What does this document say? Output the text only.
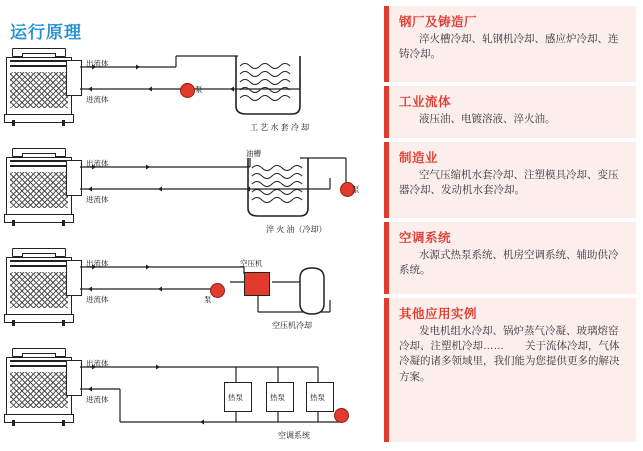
运行原理
出流体
进流体
泵
工 艺 水 套 冷 却
出流体
进流体
油槽
泵
淬 火 油（冷却）
出流体
进流体
空压机
泵
空压机冷却
出流体
进流体	热泵	热泵	热泵
空调系统
钢厂及铸造厂

淬火槽冷却、轧钢机冷却、感应炉冷却、连铸冷却。

工业流体

液压油、电镀溶液、淬火油。

制造业

空气压缩机水套冷却、注塑模具冷却、变压器冷却、发动机水套冷却。

空调系统

水源式热泵系统、机房空调系统、辅助供冷系统。

其他应用实例

发电机组水冷却、锅炉蒸气冷凝、玻璃熔窑冷却、注塑机冷却……　　关于流体冷却，气体冷凝的诸多领域里，我们能为您提供更多的解决方案。
